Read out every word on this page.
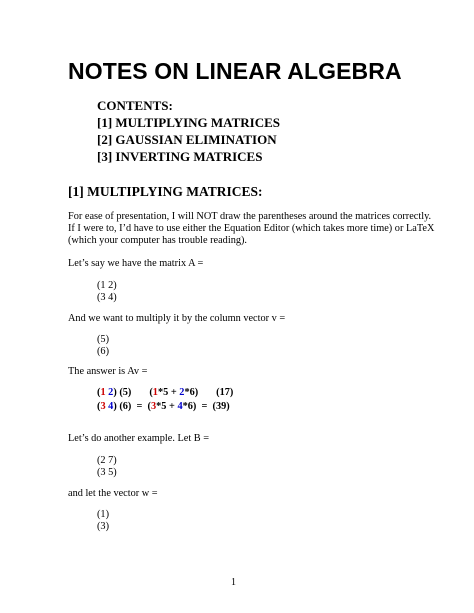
NOTES ON LINEAR ALGEBRA
CONTENTS:
[1] MULTIPLYING MATRICES
[2] GAUSSIAN ELIMINATION
[3] INVERTING MATRICES
[1] MULTIPLYING MATRICES:
For ease of presentation, I will NOT draw the parentheses around the matrices correctly.
If I were to, I’d have to use either the Equation Editor (which takes more time) or LaTeX
(which your computer has trouble reading).
Let’s say we have the matrix A =
(1 2)
(3 4)
And we want to multiply it by the column vector v =
(5)
(6)
The answer is Av =
(1 2) (5) (1*5 + 2*6) (17)
(3 4) (6) = (3*5 + 4*6) = (39)
Let’s do another example. Let B =
(2 7)
(3 5)
and let the vector w =
(1)
(3)
1
